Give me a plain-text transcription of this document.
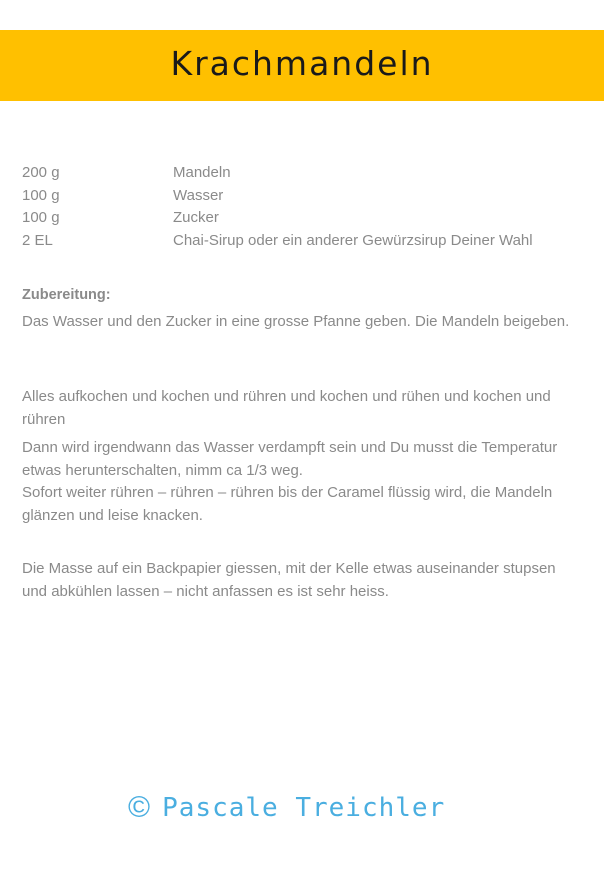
Krachmandeln
200 g	Mandeln
100 g	Wasser
100 g	Zucker
2 EL	Chai-Sirup oder ein anderer Gewürzsirup Deiner Wahl
Zubereitung:
Das Wasser und den Zucker in eine grosse Pfanne geben. Die Mandeln beigeben.
Alles aufkochen und kochen und rühren und kochen und rühen und kochen und rühren
Dann wird irgendwann das Wasser verdampft sein und Du musst die Temperatur etwas herunterschalten, nimm ca 1/3 weg.
Sofort weiter rühren – rühren – rühren bis der Caramel flüssig wird, die Mandeln glänzen und leise knacken.
Die Masse auf ein Backpapier giessen, mit der Kelle etwas auseinander stupsen und abkühlen lassen – nicht anfassen es ist sehr heiss.
© Pascale Treichler
